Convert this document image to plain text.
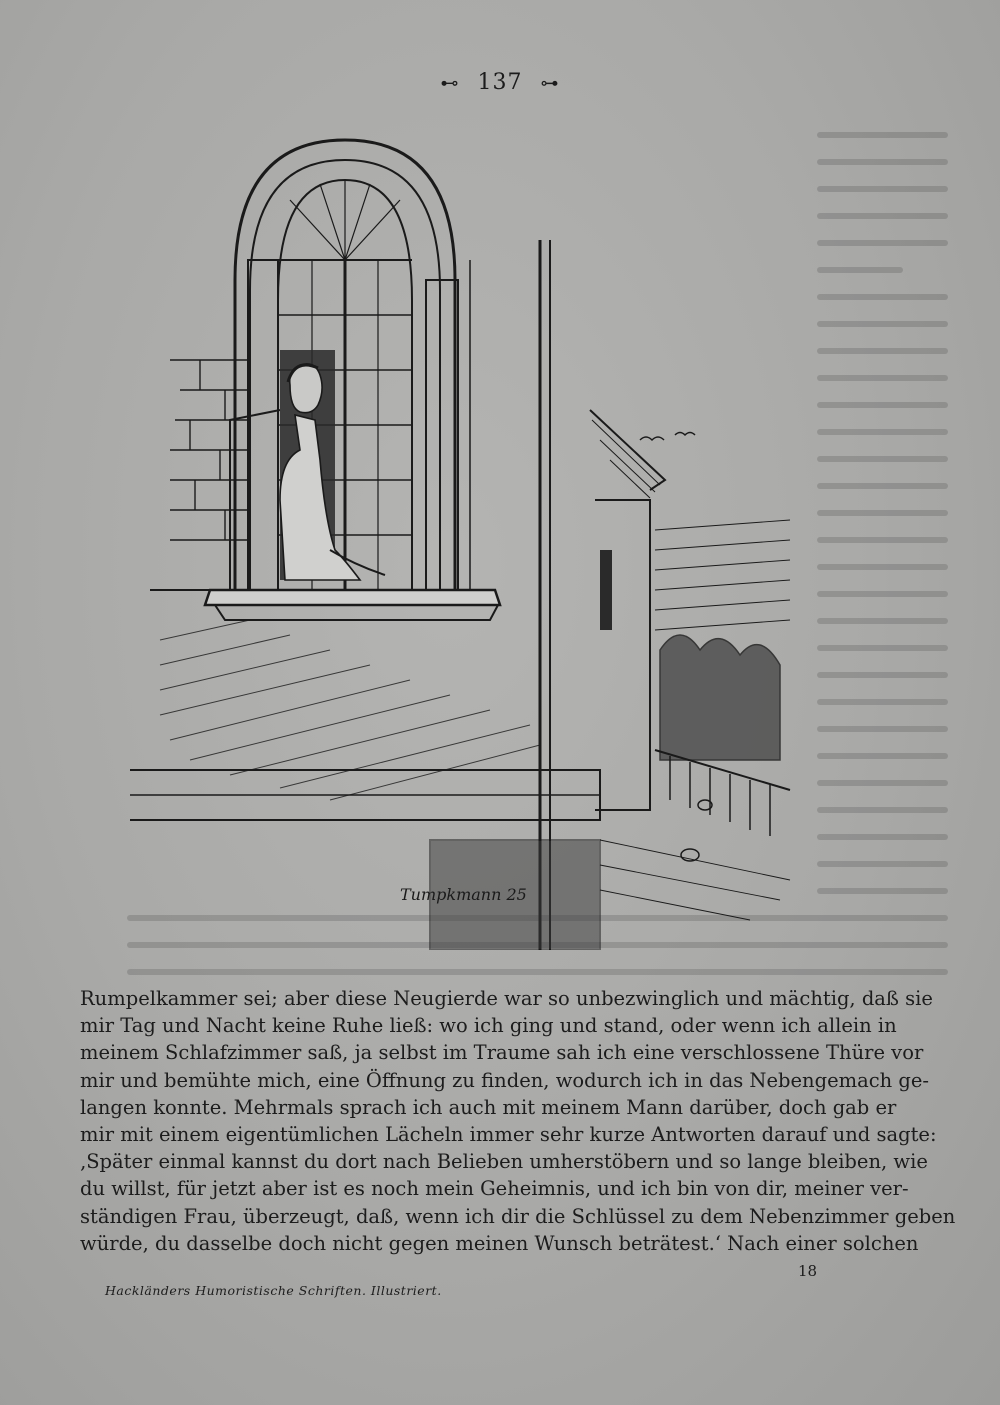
⊷ 137 ⊶
Tumpkmann 25
Rumpelkammer sei; aber diese Neugierde war so unbezwinglich und mächtig, daß sie
mir Tag und Nacht keine Ruhe ließ: wo ich ging und stand, oder wenn ich allein in
meinem Schlafzimmer saß, ja selbst im Traume sah ich eine verschlossene Thüre vor
mir und bemühte mich, eine Öffnung zu finden, wodurch ich in das Nebengemach ge-
langen konnte. Mehrmals sprach ich auch mit meinem Mann darüber, doch gab er
mir mit einem eigentümlichen Lächeln immer sehr kurze Antworten darauf und sagte:
‚Später einmal kannst du dort nach Belieben umherstöbern und so lange bleiben, wie
du willst, für jetzt aber ist es noch mein Geheimnis, und ich bin von dir, meiner ver-
ständigen Frau, überzeugt, daß, wenn ich dir die Schlüssel zu dem Nebenzimmer geben
würde, du dasselbe doch nicht gegen meinen Wunsch beträtest.‘ Nach einer solchen
18
Hackländers Humoristische Schriften. Illustriert.
